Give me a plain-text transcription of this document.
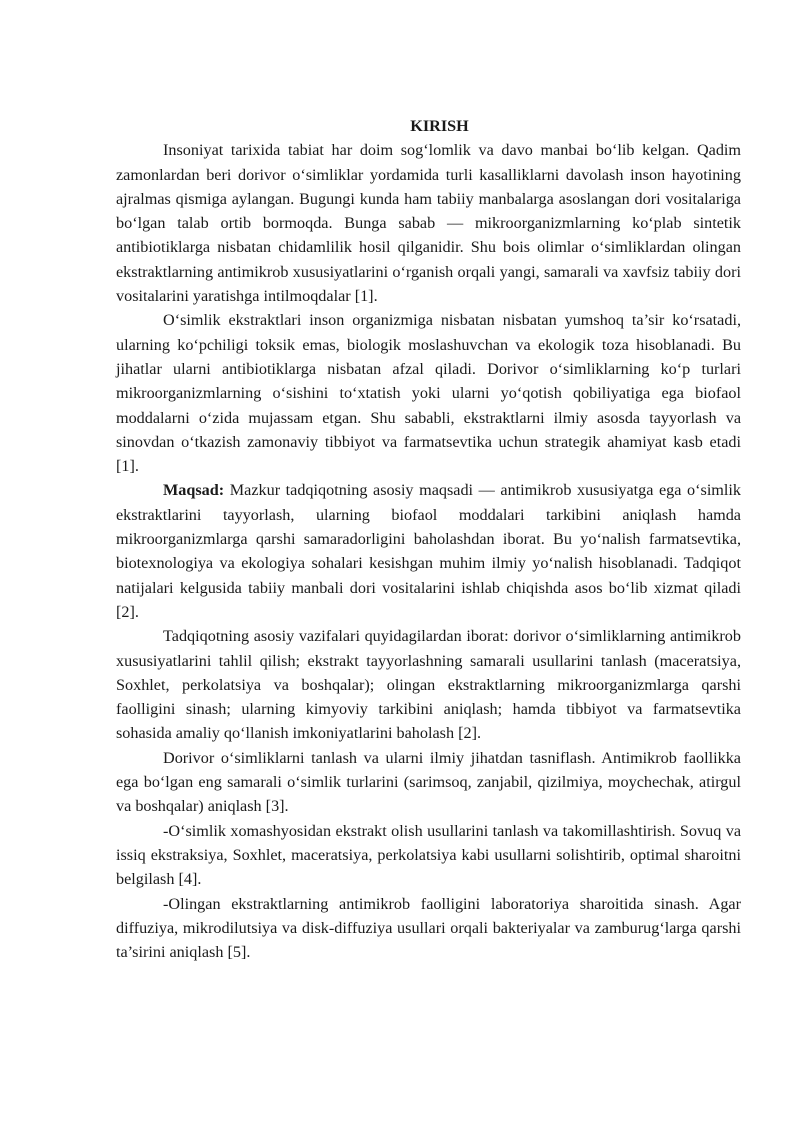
KIRISH

Insoniyat tarixida tabiat har doim sog‘lomlik va davo manbai bo‘lib kelgan. Qadim zamonlardan beri dorivor o‘simliklar yordamida turli kasalliklarni davolash inson hayotining ajralmas qismiga aylangan. Bugungi kunda ham tabiiy manbalarga asoslangan dori vositalariga bo‘lgan talab ortib bormoqda. Bunga sabab — mikroorganizmlarning ko‘plab sintetik antibiotiklarga nisbatan chidamlilik hosil qilganidir. Shu bois olimlar o‘simliklardan olingan ekstraktlarning antimikrob xususiyatlarini o‘rganish orqali yangi, samarali va xavfsiz tabiiy dori vositalarini yaratishga intilmoqdalar [1].

O‘simlik ekstraktlari inson organizmiga nisbatan nisbatan yumshoq ta’sir ko‘rsatadi, ularning ko‘pchiligi toksik emas, biologik moslashuvchan va ekologik toza hisoblanadi. Bu jihatlar ularni antibiotiklarga nisbatan afzal qiladi. Dorivor o‘simliklarning ko‘p turlari mikroorganizmlarning o‘sishini to‘xtatish yoki ularni yo‘qotish qobiliyatiga ega biofaol moddalarni o‘zida mujassam etgan. Shu sababli, ekstraktlarni ilmiy asosda tayyorlash va sinovdan o‘tkazish zamonaviy tibbiyot va farmatsevtika uchun strategik ahamiyat kasb etadi [1].

Maqsad: Mazkur tadqiqotning asosiy maqsadi — antimikrob xususiyatga ega o‘simlik ekstraktlarini tayyorlash, ularning biofaol moddalari tarkibini aniqlash hamda mikroorganizmlarga qarshi samaradorligini baholashdan iborat. Bu yo‘nalish farmatsevtika, biotexnologiya va ekologiya sohalari kesishgan muhim ilmiy yo‘nalish hisoblanadi. Tadqiqot natijalari kelgusida tabiiy manbali dori vositalarini ishlab chiqishda asos bo‘lib xizmat qiladi [2].

Tadqiqotning asosiy vazifalari quyidagilardan iborat: dorivor o‘simliklarning antimikrob xususiyatlarini tahlil qilish; ekstrakt tayyorlashning samarali usullarini tanlash (maceratsiya, Soxhlet, perkolatsiya va boshqalar); olingan ekstraktlarning mikroorganizmlarga qarshi faolligini sinash; ularning kimyoviy tarkibini aniqlash; hamda tibbiyot va farmatsevtika sohasida amaliy qo‘llanish imkoniyatlarini baholash [2].

Dorivor o‘simliklarni tanlash va ularni ilmiy jihatdan tasniflash. Antimikrob faollikka ega bo‘lgan eng samarali o‘simlik turlarini (sarimsoq, zanjabil, qizilmiya, moychechak, atirgul va boshqalar) aniqlash [3].

-O‘simlik xomashyosidan ekstrakt olish usullarini tanlash va takomillashtirish. Sovuq va issiq ekstraksiya, Soxhlet, maceratsiya, perkolatsiya kabi usullarni solishtirib, optimal sharoitni belgilash [4].

-Olingan ekstraktlarning antimikrob faolligini laboratoriya sharoitida sinash. Agar diffuziya, mikrodilutsiya va disk-diffuziya usullari orqali bakteriyalar va zamburug‘larga qarshi ta’sirini aniqlash [5].
